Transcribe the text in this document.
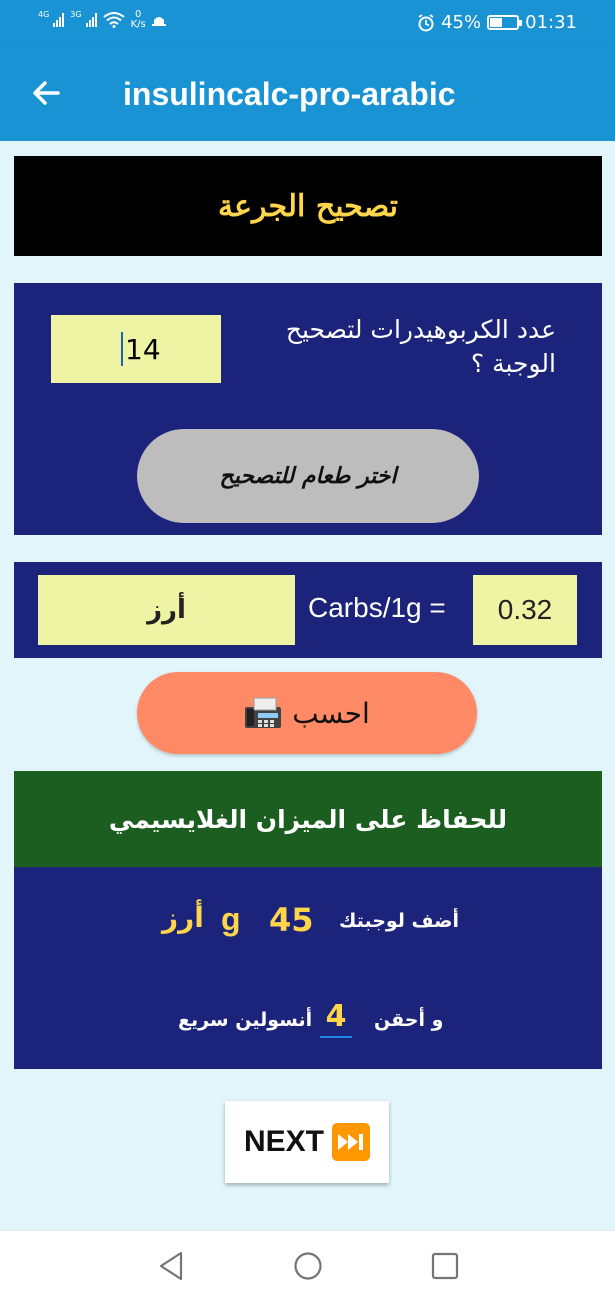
4G	3G	0
K/s	45% 01:31
insulincalc-pro-arabic
تصحيح الجرعة
14
عدد الكربوهيدرات لتصحيح الوجبة ؟
اختر طعام للتصحيح
أرز	Carbs/1g =	0.32
احسب
للحفاظ على الميزان الغلايسيمي
أضف لوجبتك
45
g
أرز
و أحقن
4
أنسولين سريع
NEXT
